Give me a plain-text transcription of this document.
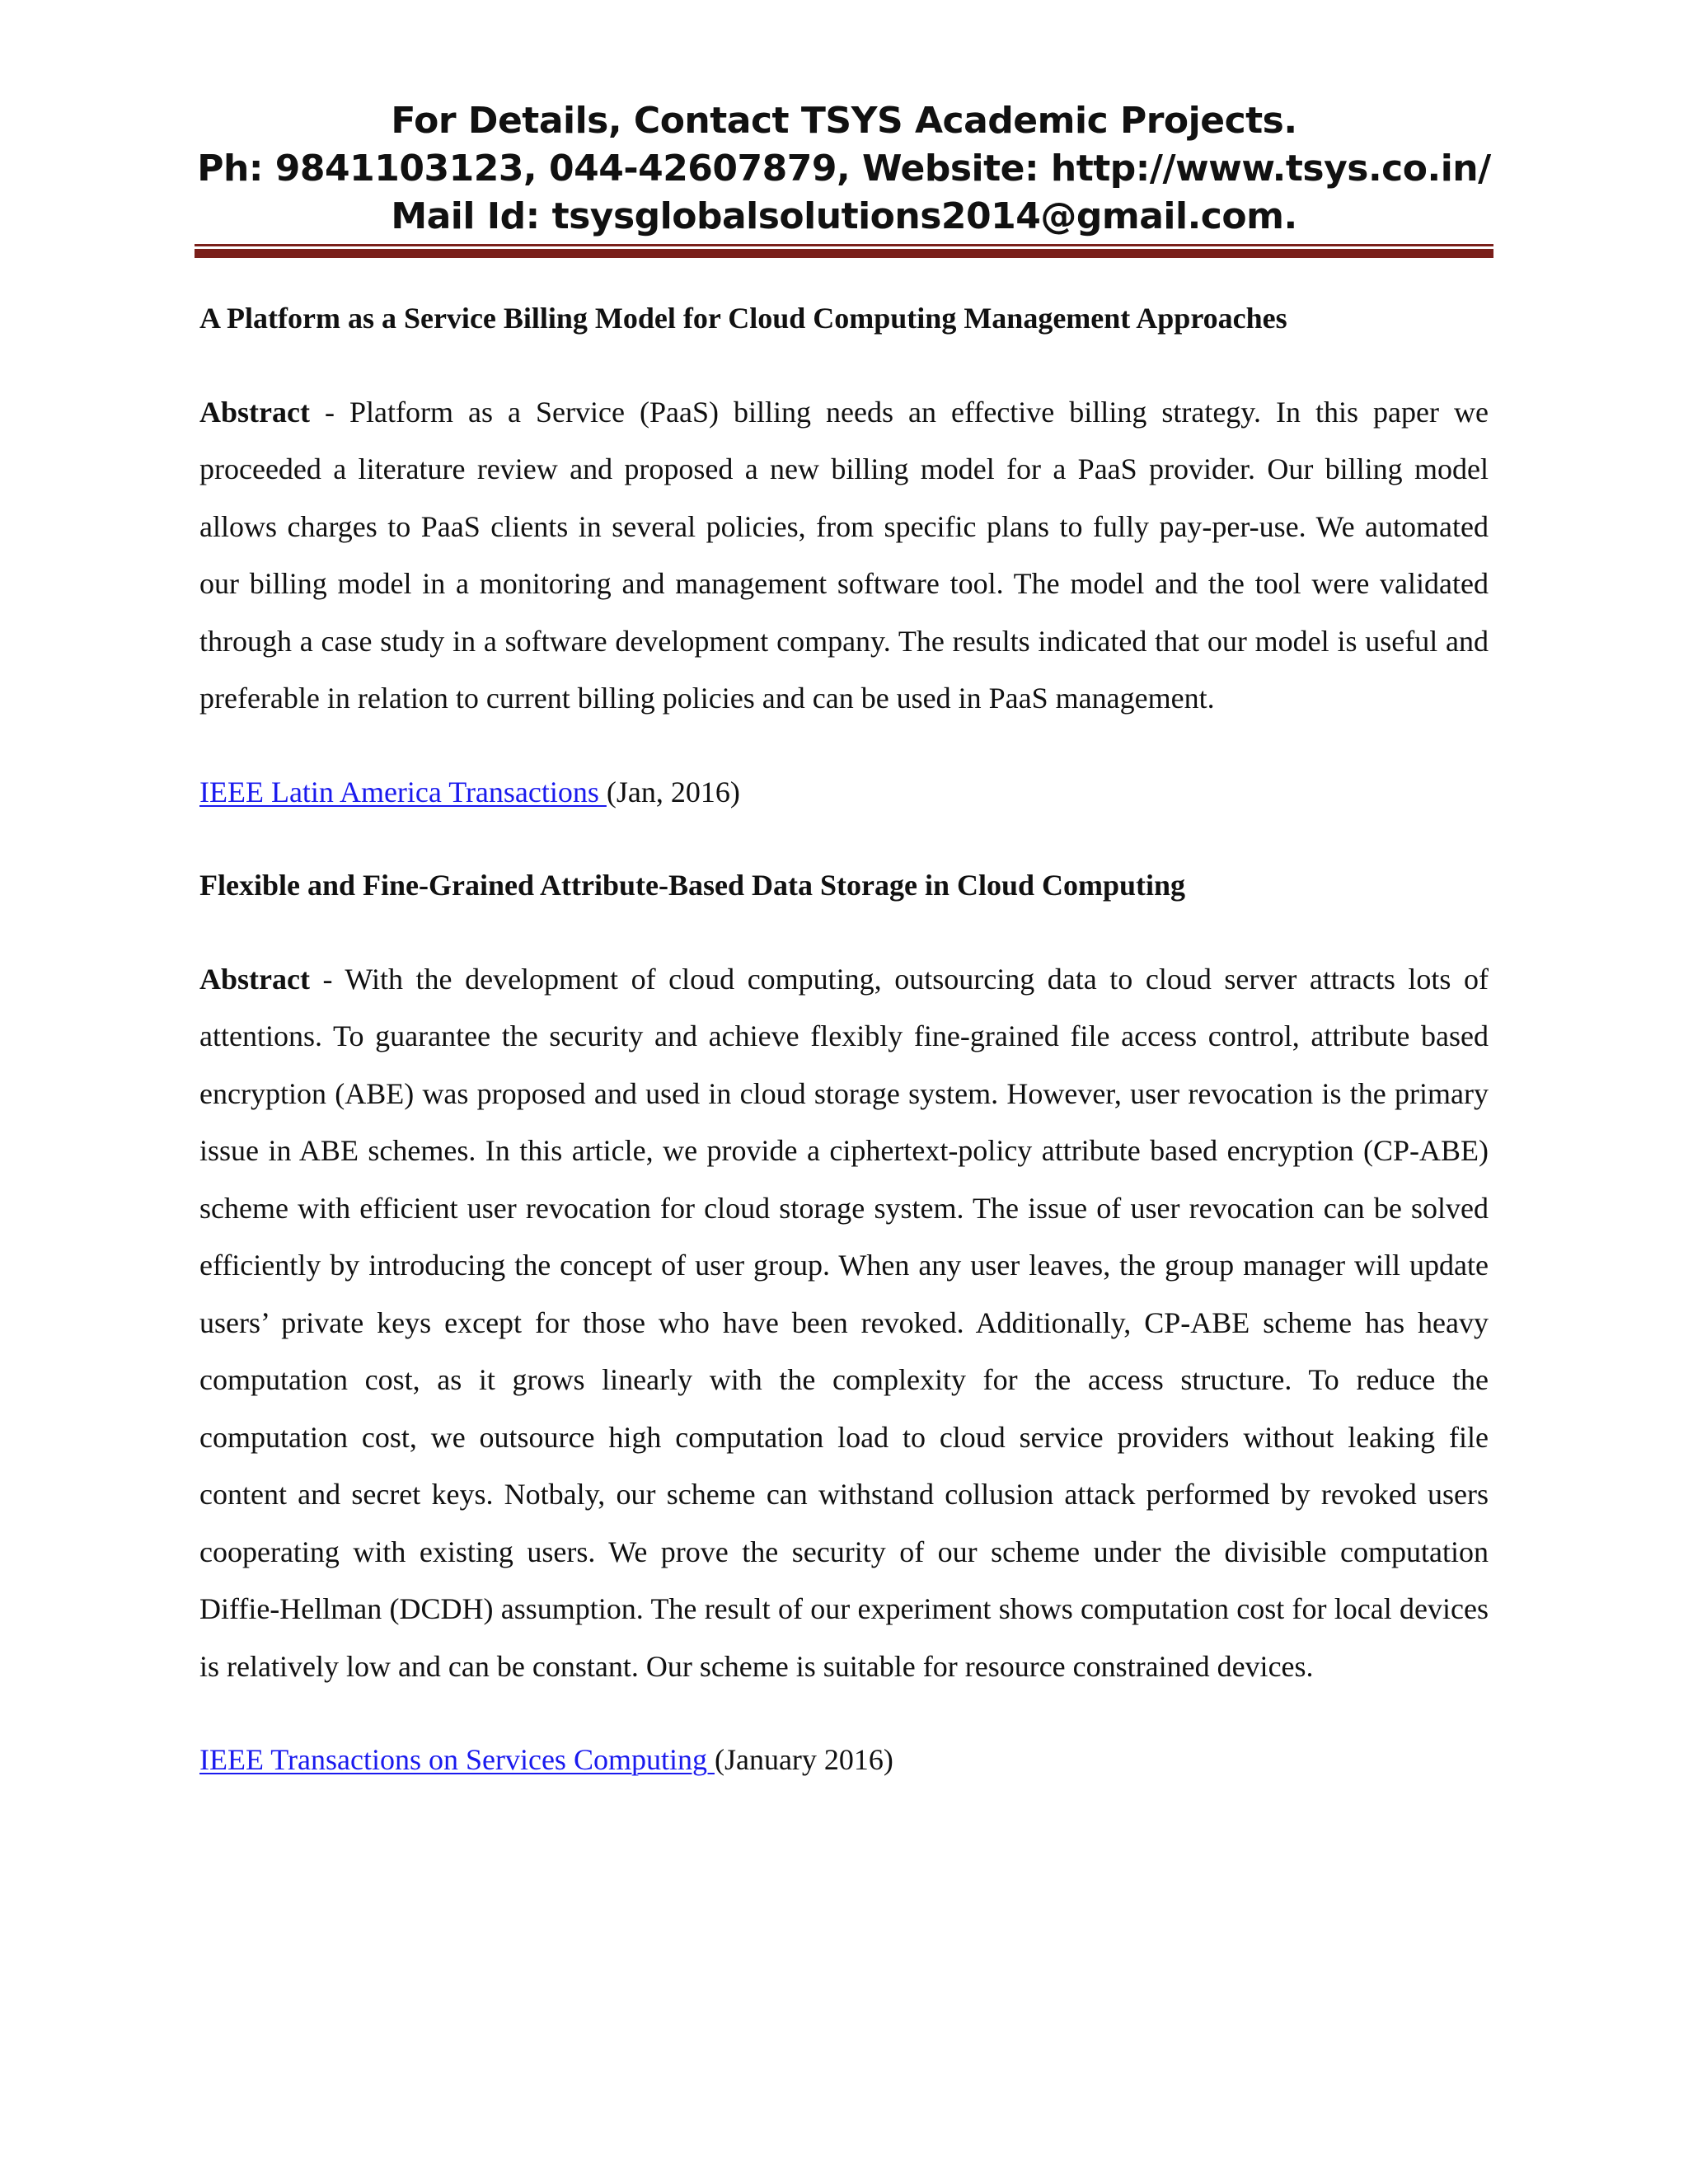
For Details, Contact TSYS Academic Projects.
Ph: 9841103123, 044-42607879, Website: http://www.tsys.co.in/
Mail Id: tsysglobalsolutions2014@gmail.com.

A Platform as a Service Billing Model for Cloud Computing Management Approaches

Abstract - Platform as a Service (PaaS) billing needs an effective billing strategy. In this paper we proceeded a literature review and proposed a new billing model for a PaaS provider. Our billing model allows charges to PaaS clients in several policies, from specific plans to fully pay-per-use. We automated our billing model in a monitoring and management software tool. The model and the tool were validated through a case study in a software development company. The results indicated that our model is useful and preferable in relation to current billing policies and can be used in PaaS management.

IEEE Latin America Transactions (Jan, 2016)

Flexible and Fine-Grained Attribute-Based Data Storage in Cloud Computing

Abstract - With the development of cloud computing, outsourcing data to cloud server attracts lots of attentions. To guarantee the security and achieve flexibly fine-grained file access control, attribute based encryption (ABE) was proposed and used in cloud storage system. However, user revocation is the primary issue in ABE schemes. In this article, we provide a ciphertext-policy attribute based encryption (CP-ABE) scheme with efficient user revocation for cloud storage system. The issue of user revocation can be solved efficiently by introducing the concept of user group. When any user leaves, the group manager will update users’ private keys except for those who have been revoked. Additionally, CP-ABE scheme has heavy computation cost, as it grows linearly with the complexity for the access structure. To reduce the computation cost, we outsource high computation load to cloud service providers without leaking file content and secret keys. Notbaly, our scheme can withstand collusion attack performed by revoked users cooperating with existing users. We prove the security of our scheme under the divisible computation Diffie-Hellman (DCDH) assumption. The result of our experiment shows computation cost for local devices is relatively low and can be constant. Our scheme is suitable for resource constrained devices.

IEEE Transactions on Services Computing (January 2016)
